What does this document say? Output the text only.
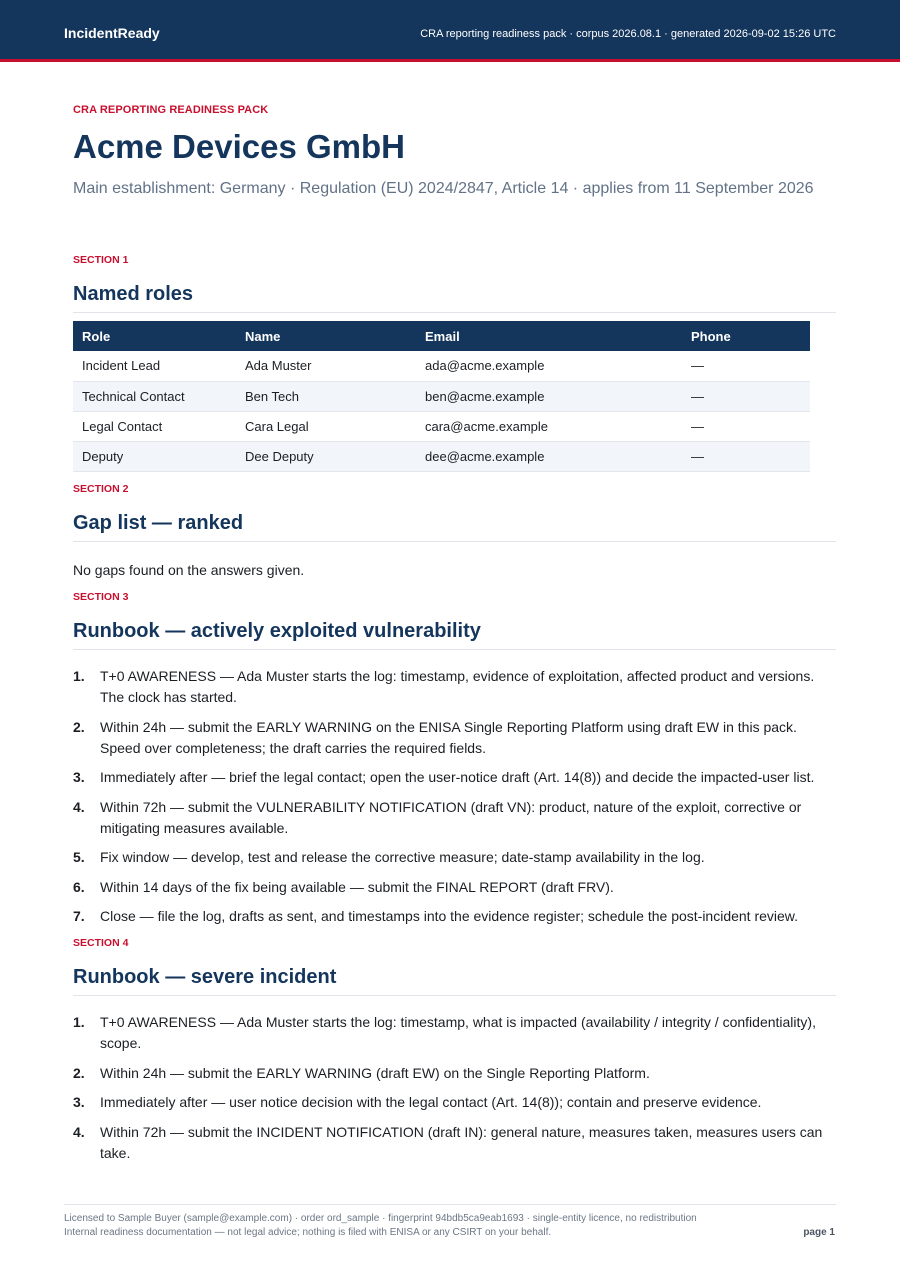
IncidentReady	CRA reporting readiness pack · corpus 2026.08.1 · generated 2026-09-02 15:26 UTC
CRA REPORTING READINESS PACK
Acme Devices GmbH
Main establishment: Germany · Regulation (EU) 2024/2847, Article 14 · applies from 11 September 2026
SECTION 1
Named roles
Role	Name	Email	Phone
Incident Lead	Ada Muster	ada@acme.example	—
Technical Contact	Ben Tech	ben@acme.example	—
Legal Contact	Cara Legal	cara@acme.example	—
Deputy	Dee Deputy	dee@acme.example	—
SECTION 2
Gap list — ranked

No gaps found on the answers given.

SECTION 3
Runbook — actively exploited vulnerability
1. T+0 AWARENESS — Ada Muster starts the log: timestamp, evidence of exploitation, affected product and versions. The clock has started.
2. Within 24h — submit the EARLY WARNING on the ENISA Single Reporting Platform using draft EW in this pack. Speed over completeness; the draft carries the required fields.
3. Immediately after — brief the legal contact; open the user-notice draft (Art. 14(8)) and decide the impacted-user list.
4. Within 72h — submit the VULNERABILITY NOTIFICATION (draft VN): product, nature of the exploit, corrective or mitigating measures available.
5. Fix window — develop, test and release the corrective measure; date-stamp availability in the log.
6. Within 14 days of the fix being available — submit the FINAL REPORT (draft FRV).
7. Close — file the log, drafts as sent, and timestamps into the evidence register; schedule the post-incident review.
SECTION 4
Runbook — severe incident
1. T+0 AWARENESS — Ada Muster starts the log: timestamp, what is impacted (availability / integrity / confidentiality), scope.
2. Within 24h — submit the EARLY WARNING (draft EW) on the Single Reporting Platform.
3. Immediately after — user notice decision with the legal contact (Art. 14(8)); contain and preserve evidence.
4. Within 72h — submit the INCIDENT NOTIFICATION (draft IN): general nature, measures taken, measures users can take.
Licensed to Sample Buyer (sample@example.com) · order ord_sample · fingerprint 94bdb5ca9eab1693 · single-entity licence, no redistribution
Internal readiness documentation — not legal advice; nothing is filed with ENISA or any CSIRT on your behalf.	page 1
